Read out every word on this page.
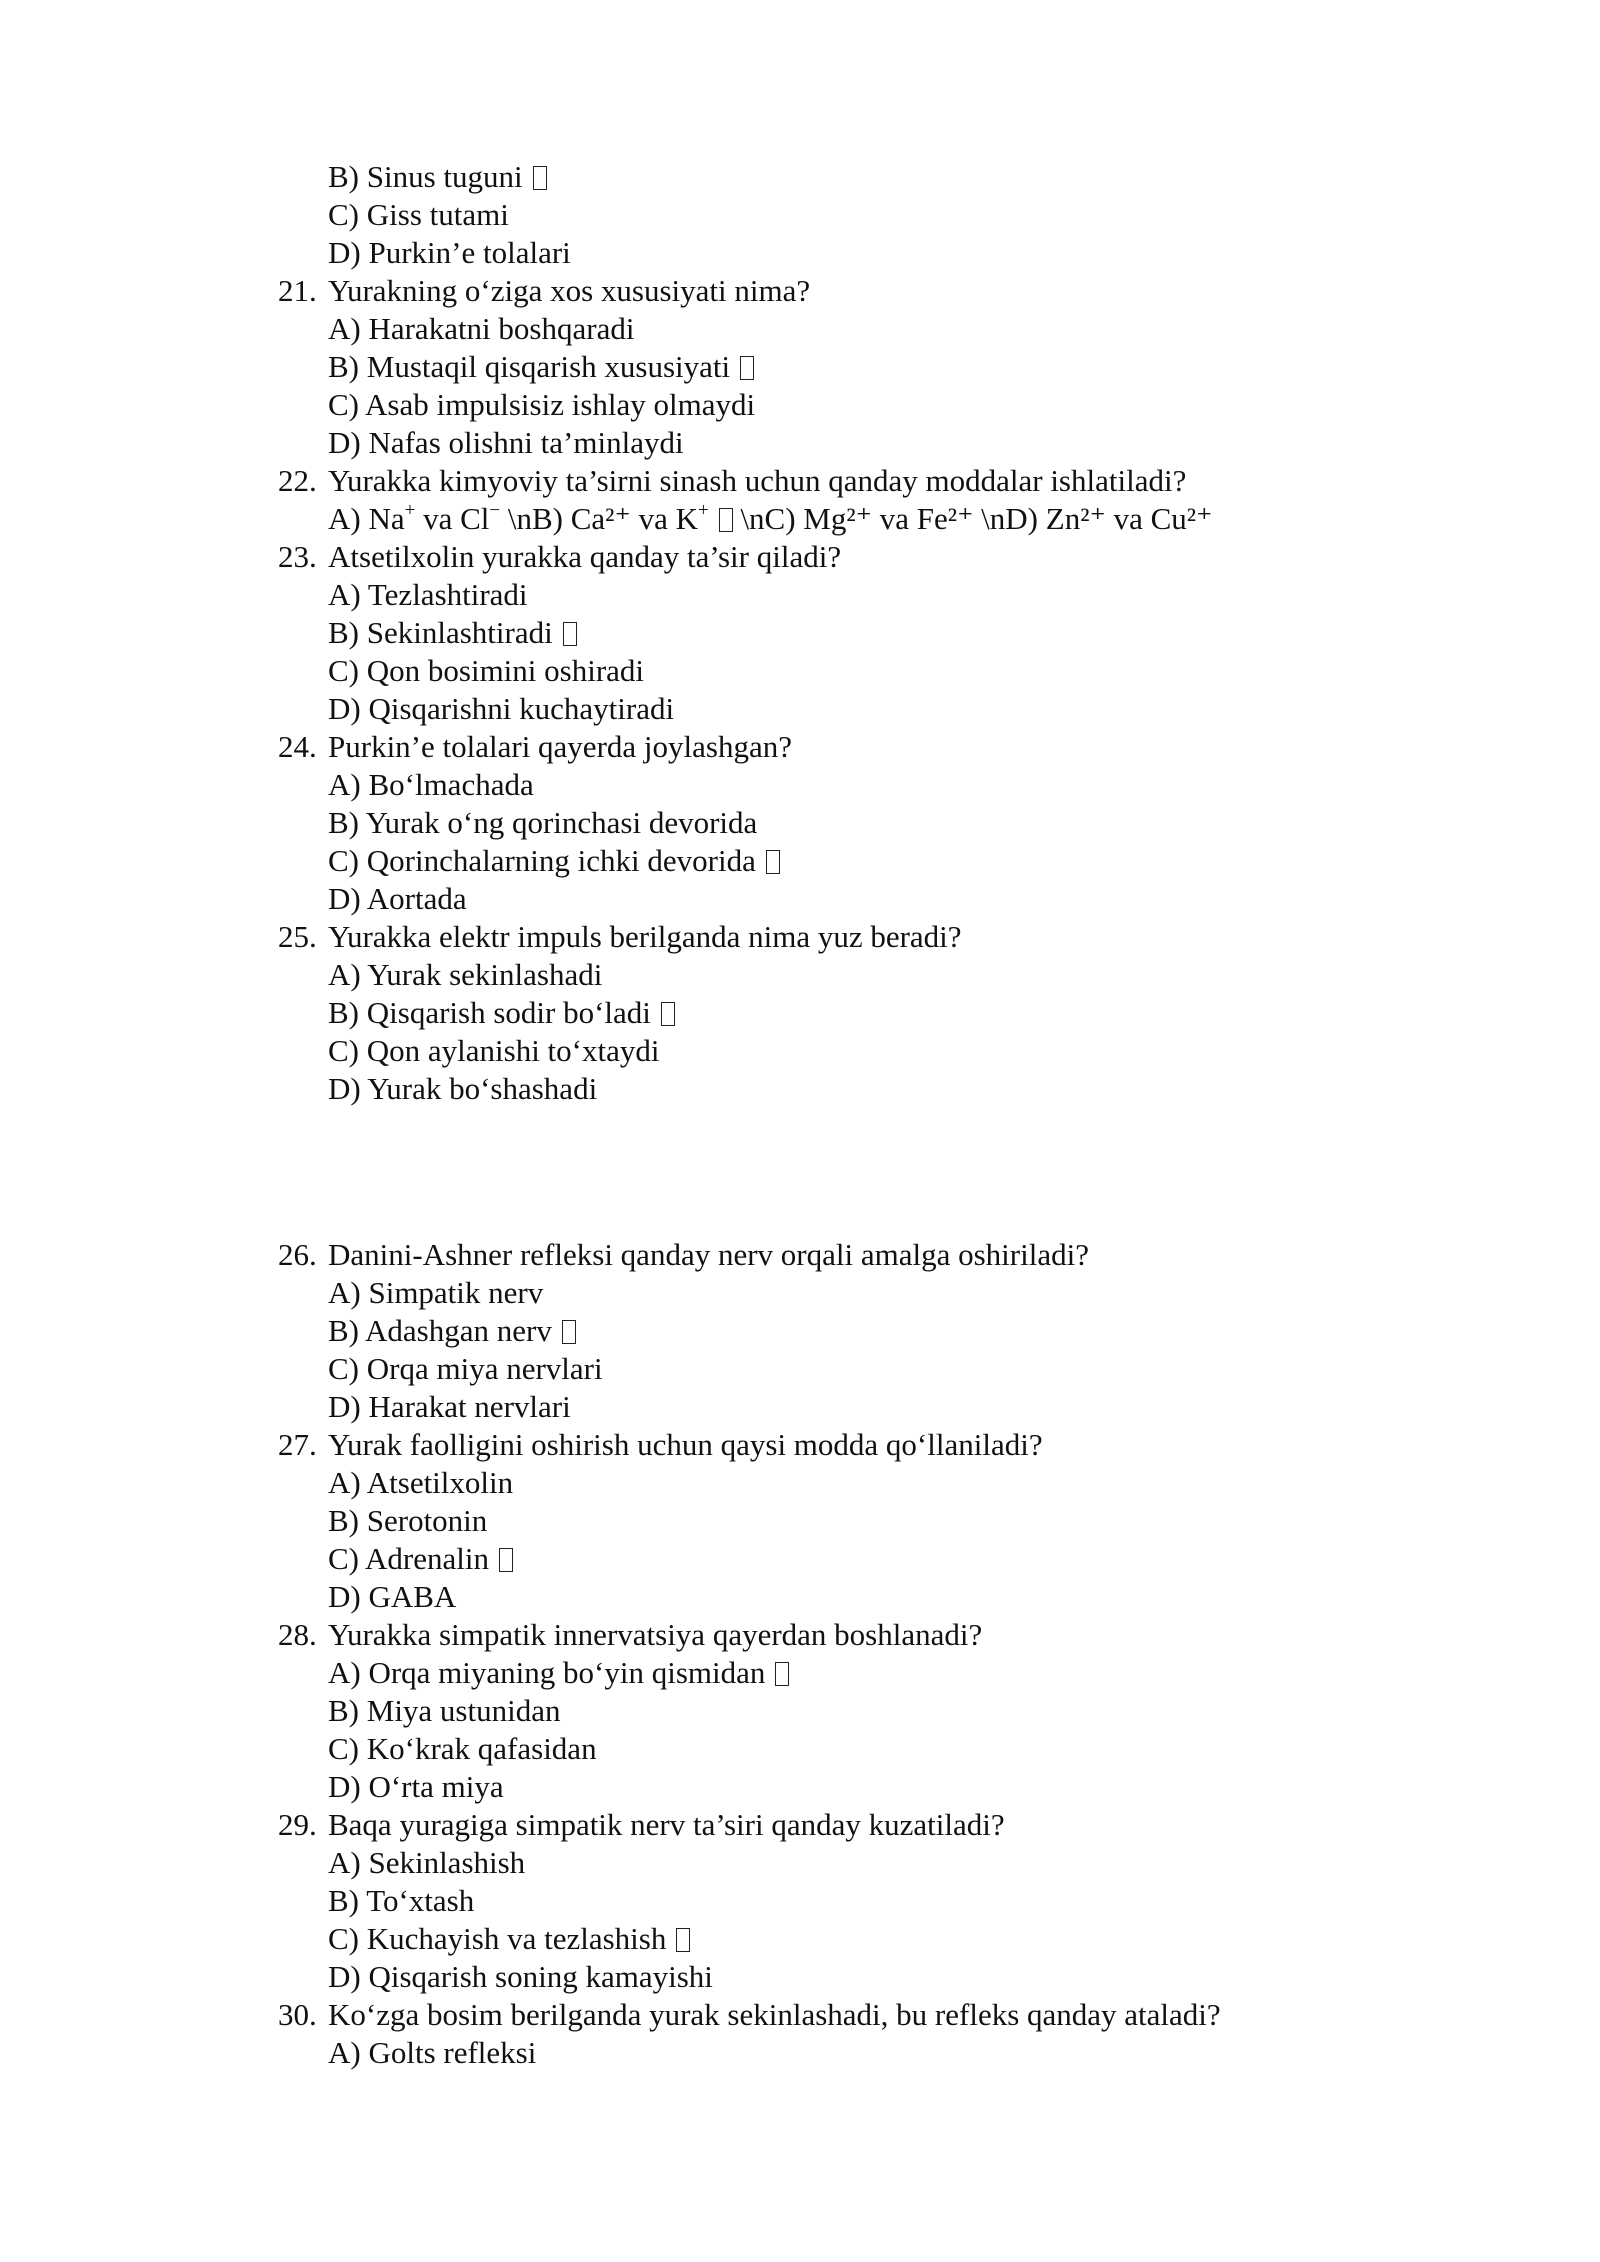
B) Sinus tuguni
C) Giss tutami
D) Purkin’e tolalari
21. Yurakning o‘ziga xos xususiyati nima?
A) Harakatni boshqaradi
B) Mustaqil qisqarish xususiyati
C) Asab impulsisiz ishlay olmaydi
D) Nafas olishni ta’minlaydi
22. Yurakka kimyoviy ta’sirni sinash uchun qanday moddalar ishlatiladi?
A) Na+ va Cl− \nB) Ca²⁺ va K+ \nC) Mg²⁺ va Fe²⁺ \nD) Zn²⁺ va Cu²⁺
23. Atsetilxolin yurakka qanday ta’sir qiladi?
A) Tezlashtiradi
B) Sekinlashtiradi
C) Qon bosimini oshiradi
D) Qisqarishni kuchaytiradi
24. Purkin’e tolalari qayerda joylashgan?
A) Bo‘lmachada
B) Yurak o‘ng qorinchasi devorida
C) Qorinchalarning ichki devorida
D) Aortada
25. Yurakka elektr impuls berilganda nima yuz beradi?
A) Yurak sekinlashadi
B) Qisqarish sodir bo‘ladi
C) Qon aylanishi to‘xtaydi
D) Yurak bo‘shashadi
26. Danini-Ashner refleksi qanday nerv orqali amalga oshiriladi?
A) Simpatik nerv
B) Adashgan nerv
C) Orqa miya nervlari
D) Harakat nervlari
27. Yurak faolligini oshirish uchun qaysi modda qo‘llaniladi?
A) Atsetilxolin
B) Serotonin
C) Adrenalin
D) GABA
28. Yurakka simpatik innervatsiya qayerdan boshlanadi?
A) Orqa miyaning bo‘yin qismidan
B) Miya ustunidan
C) Ko‘krak qafasidan
D) O‘rta miya
29. Baqa yuragiga simpatik nerv ta’siri qanday kuzatiladi?
A) Sekinlashish
B) To‘xtash
C) Kuchayish va tezlashish
D) Qisqarish soning kamayishi
30. Ko‘zga bosim berilganda yurak sekinlashadi, bu refleks qanday ataladi?
A) Golts refleksi
